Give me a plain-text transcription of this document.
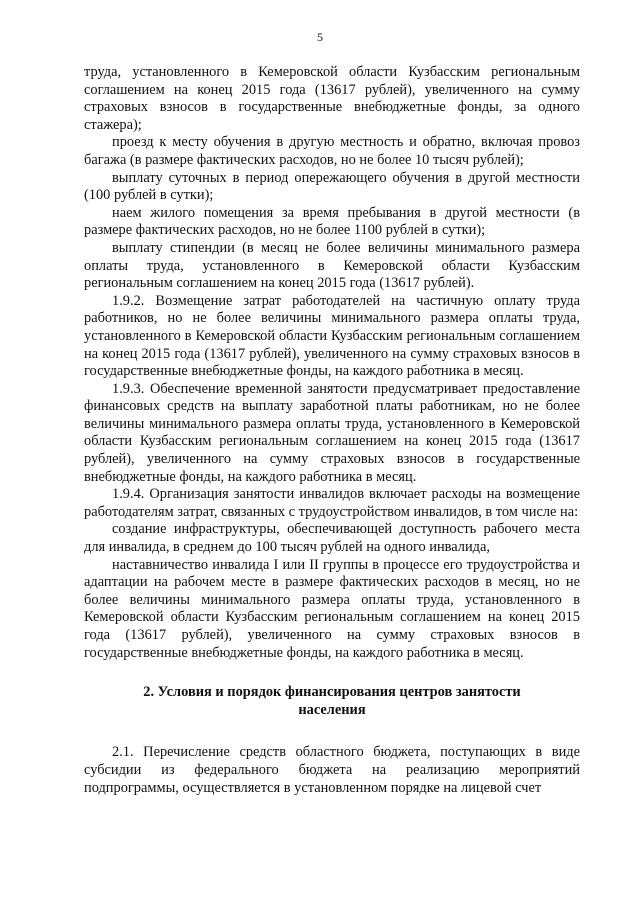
5

труда, установленного в Кемеровской области Кузбасским региональным соглашением на конец 2015 года (13617 рублей), увеличенного на сумму страховых взносов в государственные внебюджетные фонды, за одного стажера);

проезд к месту обучения в другую местность и обратно, включая провоз багажа (в размере фактических расходов, но не более 10 тысяч рублей);

выплату суточных в период опережающего обучения в другой местности (100 рублей в сутки);

наем жилого помещения за время пребывания в другой местности (в размере фактических расходов, но не более 1100 рублей в сутки);

выплату стипендии (в месяц не более величины минимального размера оплаты труда, установленного в Кемеровской области Кузбасским региональным соглашением на конец 2015 года (13617 рублей).

1.9.2. Возмещение затрат работодателей на частичную оплату труда работников, но не более величины минимального размера оплаты труда, установленного в Кемеровской области Кузбасским региональным соглашением на конец 2015 года (13617 рублей), увеличенного на сумму страховых взносов в государственные внебюджетные фонды, на каждого работника в месяц.

1.9.3. Обеспечение временной занятости предусматривает предоставление финансовых средств на выплату заработной платы работникам, но не более величины минимального размера оплаты труда, установленного в Кемеровской области Кузбасским региональным соглашением на конец 2015 года (13617 рублей), увеличенного на сумму страховых взносов в государственные внебюджетные фонды, на каждого работника в месяц.

1.9.4. Организация занятости инвалидов включает расходы на возмещение работодателям затрат, связанных с трудоустройством инвалидов, в том числе на:

создание инфраструктуры, обеспечивающей доступность рабочего места для инвалида, в среднем до 100 тысяч рублей на одного инвалида,

наставничество инвалида I или II группы в процессе его трудоустройства и адаптации на рабочем месте в размере фактических расходов в месяц, но не более величины минимального размера оплаты труда, установленного в Кемеровской области Кузбасским региональным соглашением на конец 2015 года (13617 рублей), увеличенного на сумму страховых взносов в государственные внебюджетные фонды, на каждого работника в месяц.

2. Условия и порядок финансирования центров занятости населения

2.1. Перечисление средств областного бюджета, поступающих в виде субсидии из федерального бюджета на реализацию мероприятий подпрограммы, осуществляется в установленном порядке на лицевой счет
